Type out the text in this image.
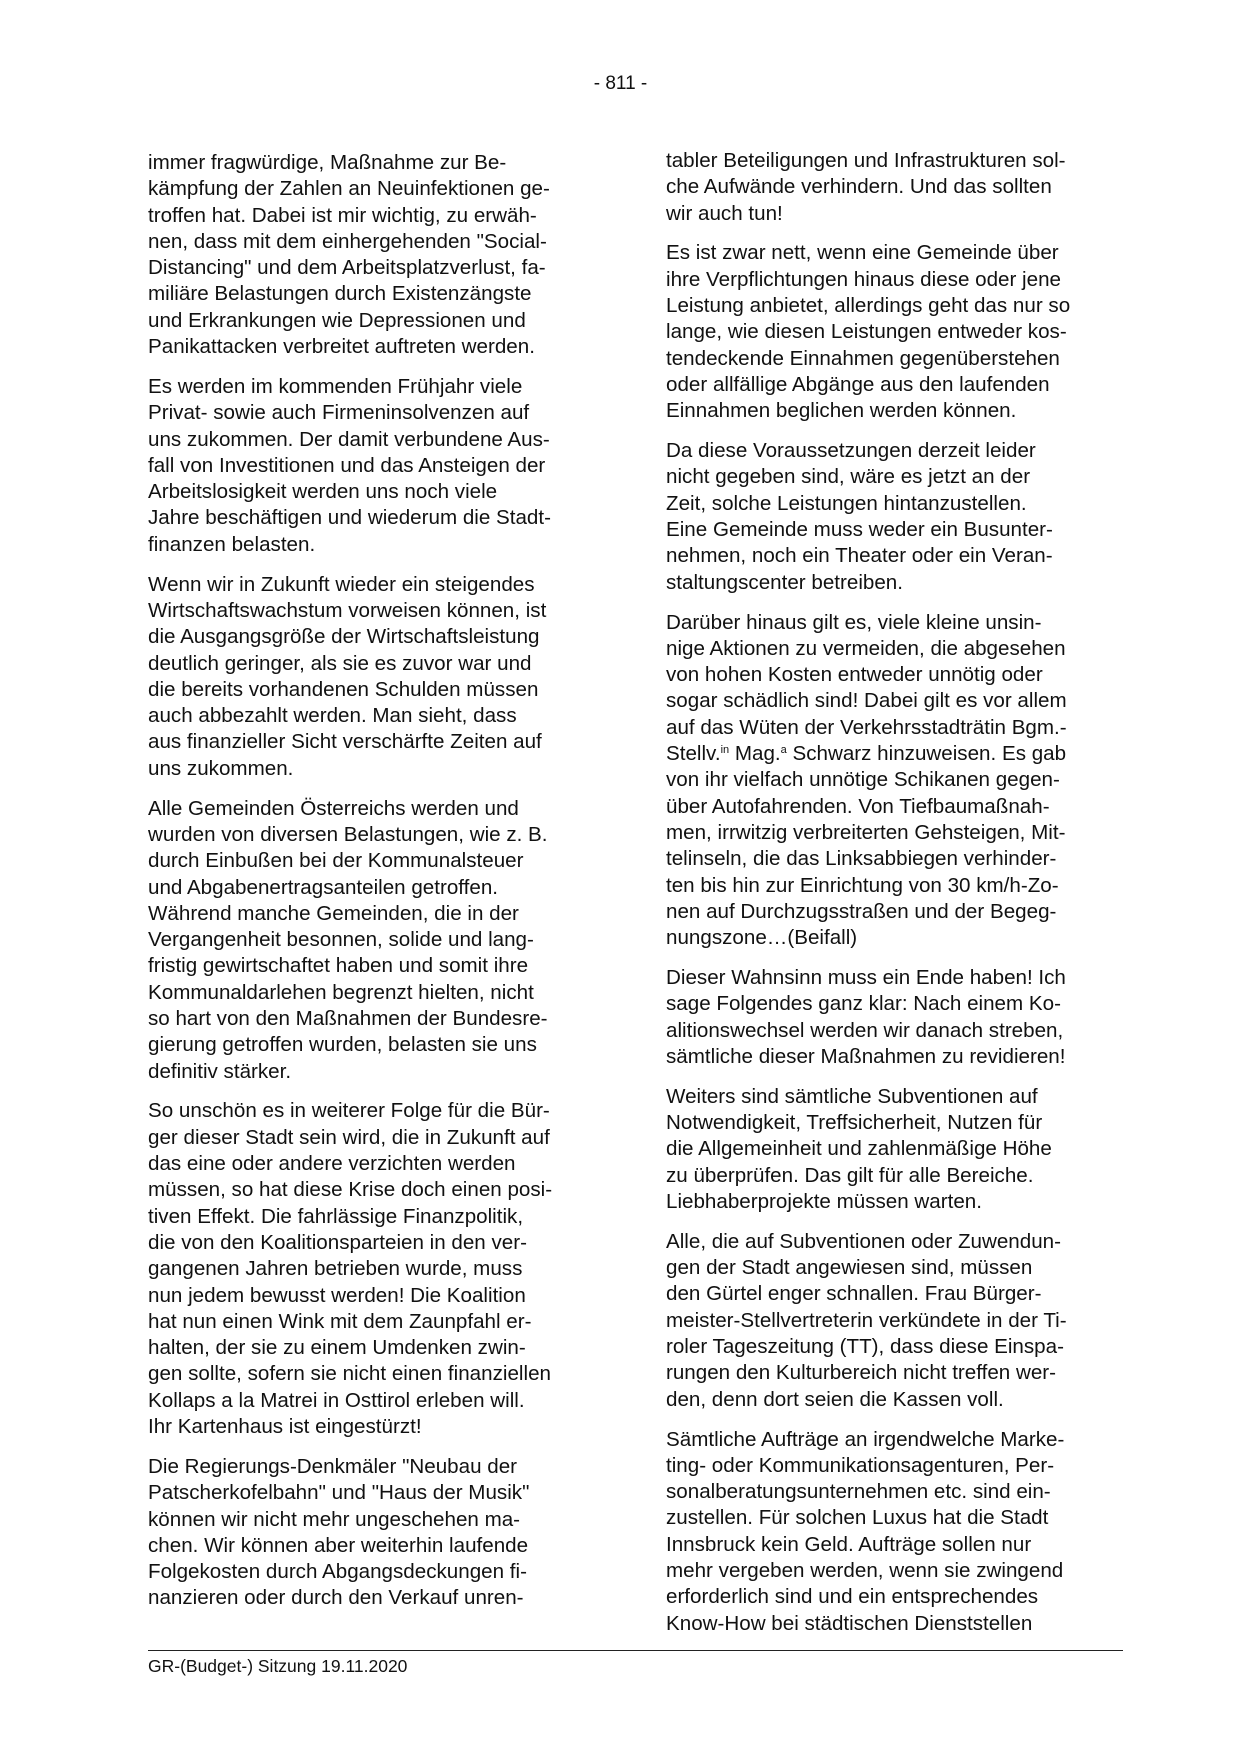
- 811 -

immer fragwürdige, Maßnahme zur Be-
kämpfung der Zahlen an Neuinfektionen ge-
troffen hat. Dabei ist mir wichtig, zu erwäh-
nen, dass mit dem einhergehenden "Social-
Distancing" und dem Arbeitsplatzverlust, fa-
miliäre Belastungen durch Existenzängste
und Erkrankungen wie Depressionen und
Panikattacken verbreitet auftreten werden.

Es werden im kommenden Frühjahr viele
Privat- sowie auch Firmeninsolvenzen auf
uns zukommen. Der damit verbundene Aus-
fall von Investitionen und das Ansteigen der
Arbeitslosigkeit werden uns noch viele
Jahre beschäftigen und wiederum die Stadt-
finanzen belasten.

Wenn wir in Zukunft wieder ein steigendes
Wirtschaftswachstum vorweisen können, ist
die Ausgangsgröße der Wirtschaftsleistung
deutlich geringer, als sie es zuvor war und
die bereits vorhandenen Schulden müssen
auch abbezahlt werden. Man sieht, dass
aus finanzieller Sicht verschärfte Zeiten auf
uns zukommen.

Alle Gemeinden Österreichs werden und
wurden von diversen Belastungen, wie z. B.
durch Einbußen bei der Kommunalsteuer
und Abgabenertragsanteilen getroffen.
Während manche Gemeinden, die in der
Vergangenheit besonnen, solide und lang-
fristig gewirtschaftet haben und somit ihre
Kommunaldarlehen begrenzt hielten, nicht
so hart von den Maßnahmen der Bundesre-
gierung getroffen wurden, belasten sie uns
definitiv stärker.

So unschön es in weiterer Folge für die Bür-
ger dieser Stadt sein wird, die in Zukunft auf
das eine oder andere verzichten werden
müssen, so hat diese Krise doch einen posi-
tiven Effekt. Die fahrlässige Finanzpolitik,
die von den Koalitionsparteien in den ver-
gangenen Jahren betrieben wurde, muss
nun jedem bewusst werden! Die Koalition
hat nun einen Wink mit dem Zaunpfahl er-
halten, der sie zu einem Umdenken zwin-
gen sollte, sofern sie nicht einen finanziellen
Kollaps a la Matrei in Osttirol erleben will.
Ihr Kartenhaus ist eingestürzt!

Die Regierungs-Denkmäler "Neubau der
Patscherkofelbahn" und "Haus der Musik"
können wir nicht mehr ungeschehen ma-
chen. Wir können aber weiterhin laufende
Folgekosten durch Abgangsdeckungen fi-
nanzieren oder durch den Verkauf unren-

tabler Beteiligungen und Infrastrukturen sol-
che Aufwände verhindern. Und das sollten
wir auch tun!

Es ist zwar nett, wenn eine Gemeinde über
ihre Verpflichtungen hinaus diese oder jene
Leistung anbietet, allerdings geht das nur so
lange, wie diesen Leistungen entweder kos-
tendeckende Einnahmen gegenüberstehen
oder allfällige Abgänge aus den laufenden
Einnahmen beglichen werden können.

Da diese Voraussetzungen derzeit leider
nicht gegeben sind, wäre es jetzt an der
Zeit, solche Leistungen hintanzustellen.
Eine Gemeinde muss weder ein Busunter-
nehmen, noch ein Theater oder ein Veran-
staltungscenter betreiben.

Darüber hinaus gilt es, viele kleine unsin-
nige Aktionen zu vermeiden, die abgesehen
von hohen Kosten entweder unnötig oder
sogar schädlich sind! Dabei gilt es vor allem
auf das Wüten der Verkehrsstadträtin Bgm.-
Stellv.$^{in}$ Mag.$^a$ Schwarz hinzuweisen. Es gab
von ihr vielfach unnötige Schikanen gegen-
über Autofahrenden. Von Tiefbaumaßnah-
men, irrwitzig verbreiterten Gehsteigen, Mit-
telinseln, die das Linksabbiegen verhinder-
ten bis hin zur Einrichtung von 30 km/h-Zo-
nen auf Durchzugsstraßen und der Begeg-
nungszone…(Beifall)

Dieser Wahnsinn muss ein Ende haben! Ich
sage Folgendes ganz klar: Nach einem Ko-
alitionswechsel werden wir danach streben,
sämtliche dieser Maßnahmen zu revidieren!

Weiters sind sämtliche Subventionen auf
Notwendigkeit, Treffsicherheit, Nutzen für
die Allgemeinheit und zahlenmäßige Höhe
zu überprüfen. Das gilt für alle Bereiche.
Liebhaberprojekte müssen warten.

Alle, die auf Subventionen oder Zuwendun-
gen der Stadt angewiesen sind, müssen
den Gürtel enger schnallen. Frau Bürger-
meister-Stellvertreterin verkündete in der Ti-
roler Tageszeitung (TT), dass diese Einspa-
rungen den Kulturbereich nicht treffen wer-
den, denn dort seien die Kassen voll.

Sämtliche Aufträge an irgendwelche Marke-
ting- oder Kommunikationsagenturen, Per-
sonalberatungsunternehmen etc. sind ein-
zustellen. Für solchen Luxus hat die Stadt
Innsbruck kein Geld. Aufträge sollen nur
mehr vergeben werden, wenn sie zwingend
erforderlich sind und ein entsprechendes
Know-How bei städtischen Dienststellen

GR-(Budget-) Sitzung 19.11.2020
